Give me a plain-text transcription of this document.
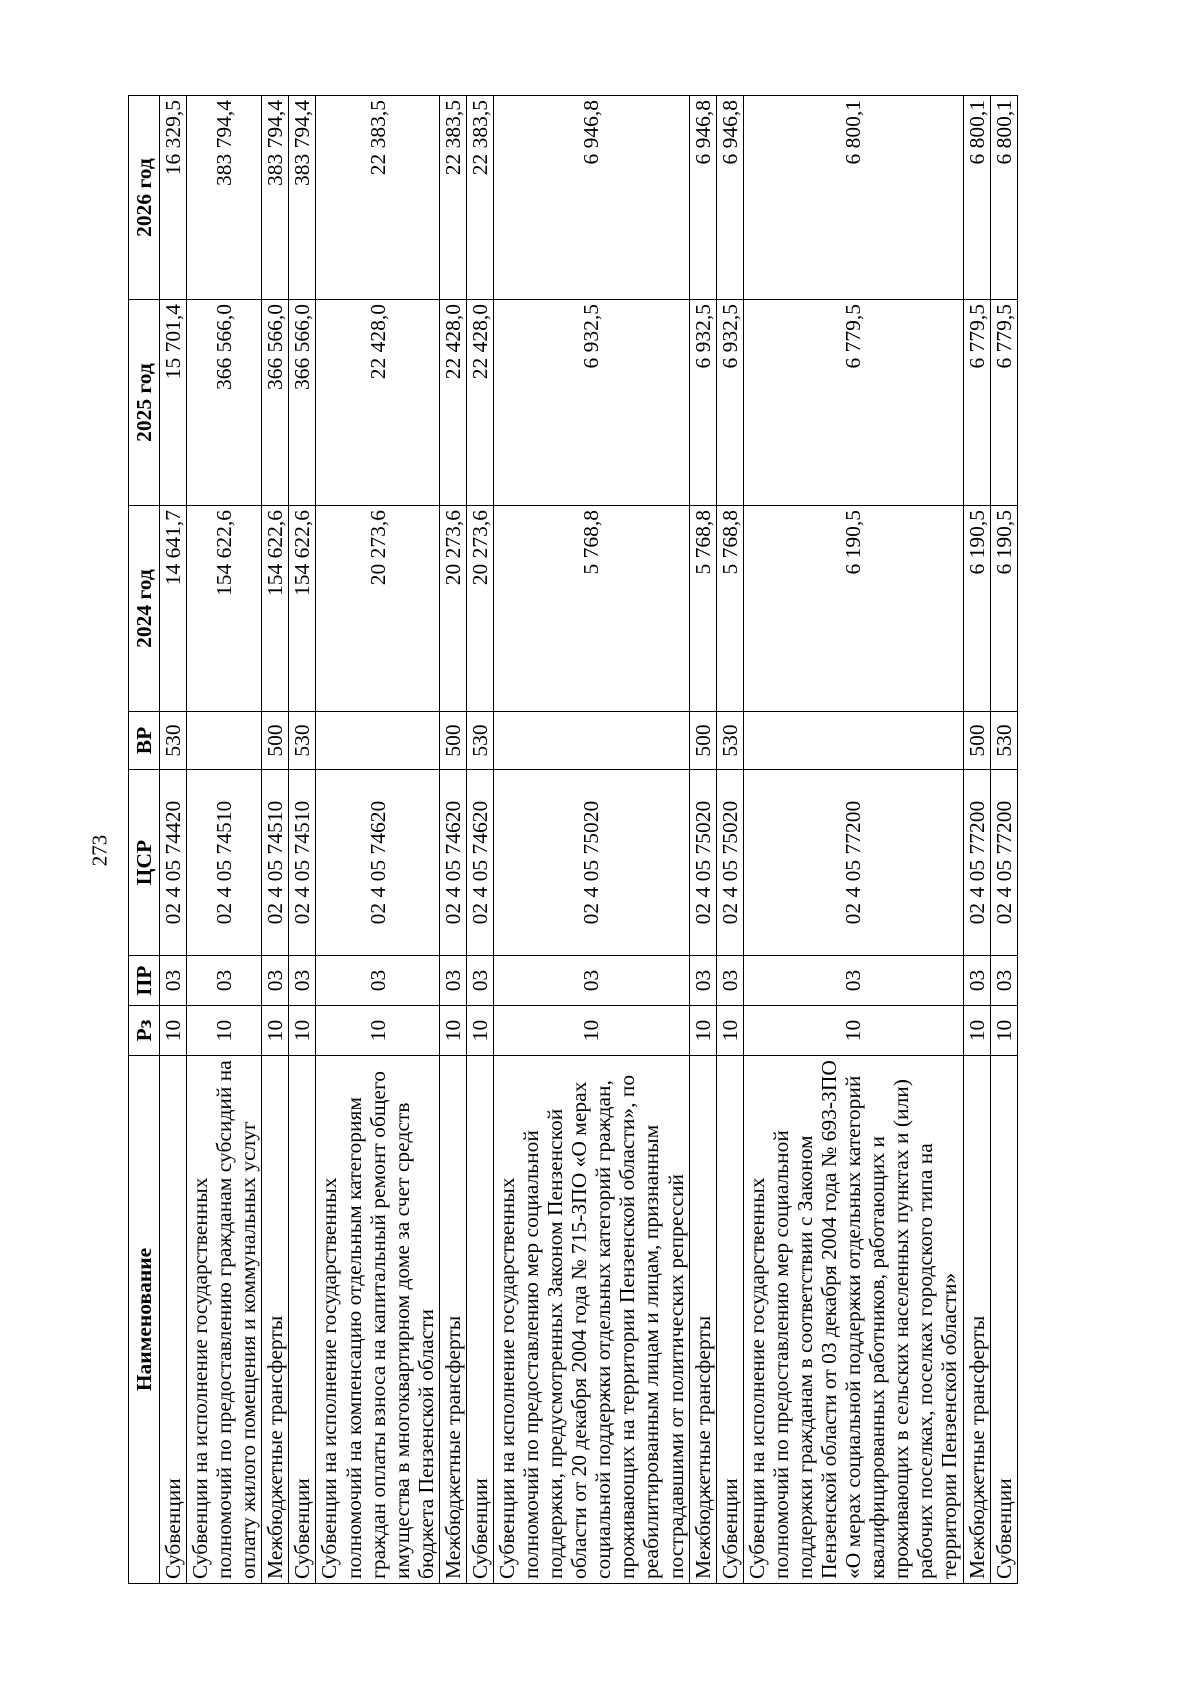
273
Наименование	Рз	ПР	ЦСР	ВР	2024 год	2025 год	2026 год
Субвенции	10	03	02 4 05 74420	530	14 641,7	15 701,4	16 329,5
Субвенции на исполнение государственных полномочий по предоставлению гражданам субсидий на оплату жилого помещения и коммунальных услуг	10	03	02 4 05 74510		154 622,6	366 566,0	383 794,4
Межбюджетные трансферты	10	03	02 4 05 74510	500	154 622,6	366 566,0	383 794,4
Субвенции	10	03	02 4 05 74510	530	154 622,6	366 566,0	383 794,4
Субвенции на исполнение государственных полномочий на компенсацию отдельным категориям граждан оплаты взноса на капитальный ремонт общего имущества в многоквартирном доме за счет средств бюджета Пензенской области	10	03	02 4 05 74620		20 273,6	22 428,0	22 383,5
Межбюджетные трансферты	10	03	02 4 05 74620	500	20 273,6	22 428,0	22 383,5
Субвенции	10	03	02 4 05 74620	530	20 273,6	22 428,0	22 383,5
Субвенции на исполнение государственных полномочий по предоставлению мер социальной поддержки, предусмотренных Законом Пензенской области от 20 декабря 2004 года № 715-ЗПО «О мерах социальной поддержки отдельных категорий граждан, проживающих на территории Пензенской области», по реабилитированным лицам и лицам, признанным пострадавшими от политических репрессий	10	03	02 4 05 75020		5 768,8	6 932,5	6 946,8
Межбюджетные трансферты	10	03	02 4 05 75020	500	5 768,8	6 932,5	6 946,8
Субвенции	10	03	02 4 05 75020	530	5 768,8	6 932,5	6 946,8
Субвенции на исполнение государственных полномочий по предоставлению мер социальной поддержки гражданам в соответствии с Законом Пензенской области от 03 декабря 2004 года № 693-ЗПО «О мерах социальной поддержки отдельных категорий квалифицированных работников, работающих и проживающих в сельских населенных пунктах и (или) рабочих поселках, поселках городского типа на территории Пензенской области»	10	03	02 4 05 77200		6 190,5	6 779,5	6 800,1
Межбюджетные трансферты	10	03	02 4 05 77200	500	6 190,5	6 779,5	6 800,1
Субвенции	10	03	02 4 05 77200	530	6 190,5	6 779,5	6 800,1
